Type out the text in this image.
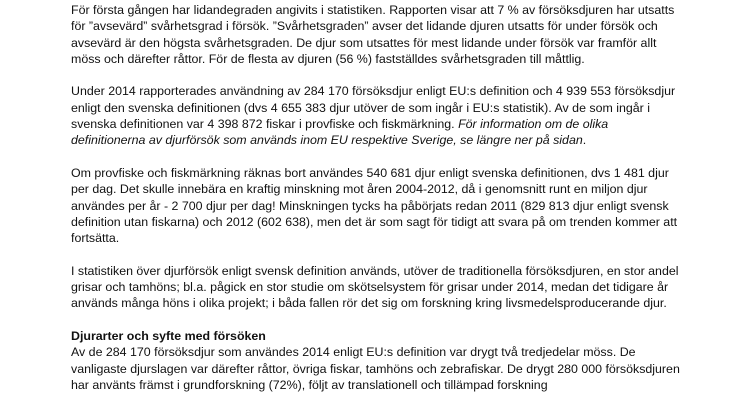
För första gången har lidandegraden angivits i statistiken. Rapporten visar att 7 % av försöksdjuren har utsatts för ”avsevärd” svårhetsgrad i försök. ”Svårhetsgraden” avser det lidande djuren utsatts för under försök och avsevärd är den högsta svårhetsgraden. De djur som utsattes för mest lidande under försök var framför allt möss och därefter råttor. För de flesta av djuren (56 %) fastställdes svårhetsgraden till måttlig.

Under 2014 rapporterades användning av 284 170 försöksdjur enligt EU:s definition och 4 939 553 försöksdjur enligt den svenska definitionen (dvs 4 655 383 djur utöver de som ingår i EU:s statistik). Av de som ingår i svenska definitionen var 4 398 872 fiskar i provfiske och fiskmärkning. För information om de olika definitionerna av djurförsök som används inom EU respektive Sverige, se längre ner på sidan.

Om provfiske och fiskmärkning räknas bort användes 540 681 djur enligt svenska definitionen, dvs 1 481 djur per dag. Det skulle innebära en kraftig minskning mot åren 2004-2012, då i genomsnitt runt en miljon djur användes per år - 2 700 djur per dag! Minskningen tycks ha påbörjats redan 2011 (829 813 djur enligt svensk definition utan fiskarna) och 2012 (602 638), men det är som sagt för tidigt att svara på om trenden kommer att fortsätta.

I statistiken över djurförsök enligt svensk definition används, utöver de traditionella försöksdjuren, en stor andel grisar och tamhöns; bl.a. pågick en stor studie om skötselsystem för grisar under 2014, medan det tidigare år används många höns i olika projekt; i båda fallen rör det sig om forskning kring livsmedelsproducerande djur.

Djurarter och syfte med försöken

Av de 284 170 försöksdjur som användes 2014 enligt EU:s definition var drygt två tredjedelar möss. De vanligaste djurslagen var därefter råttor, övriga fiskar, tamhöns och zebrafiskar. De drygt 280 000 försöksdjuren har använts främst i grundforskning (72%), följt av translationell och tillämpad forskning
